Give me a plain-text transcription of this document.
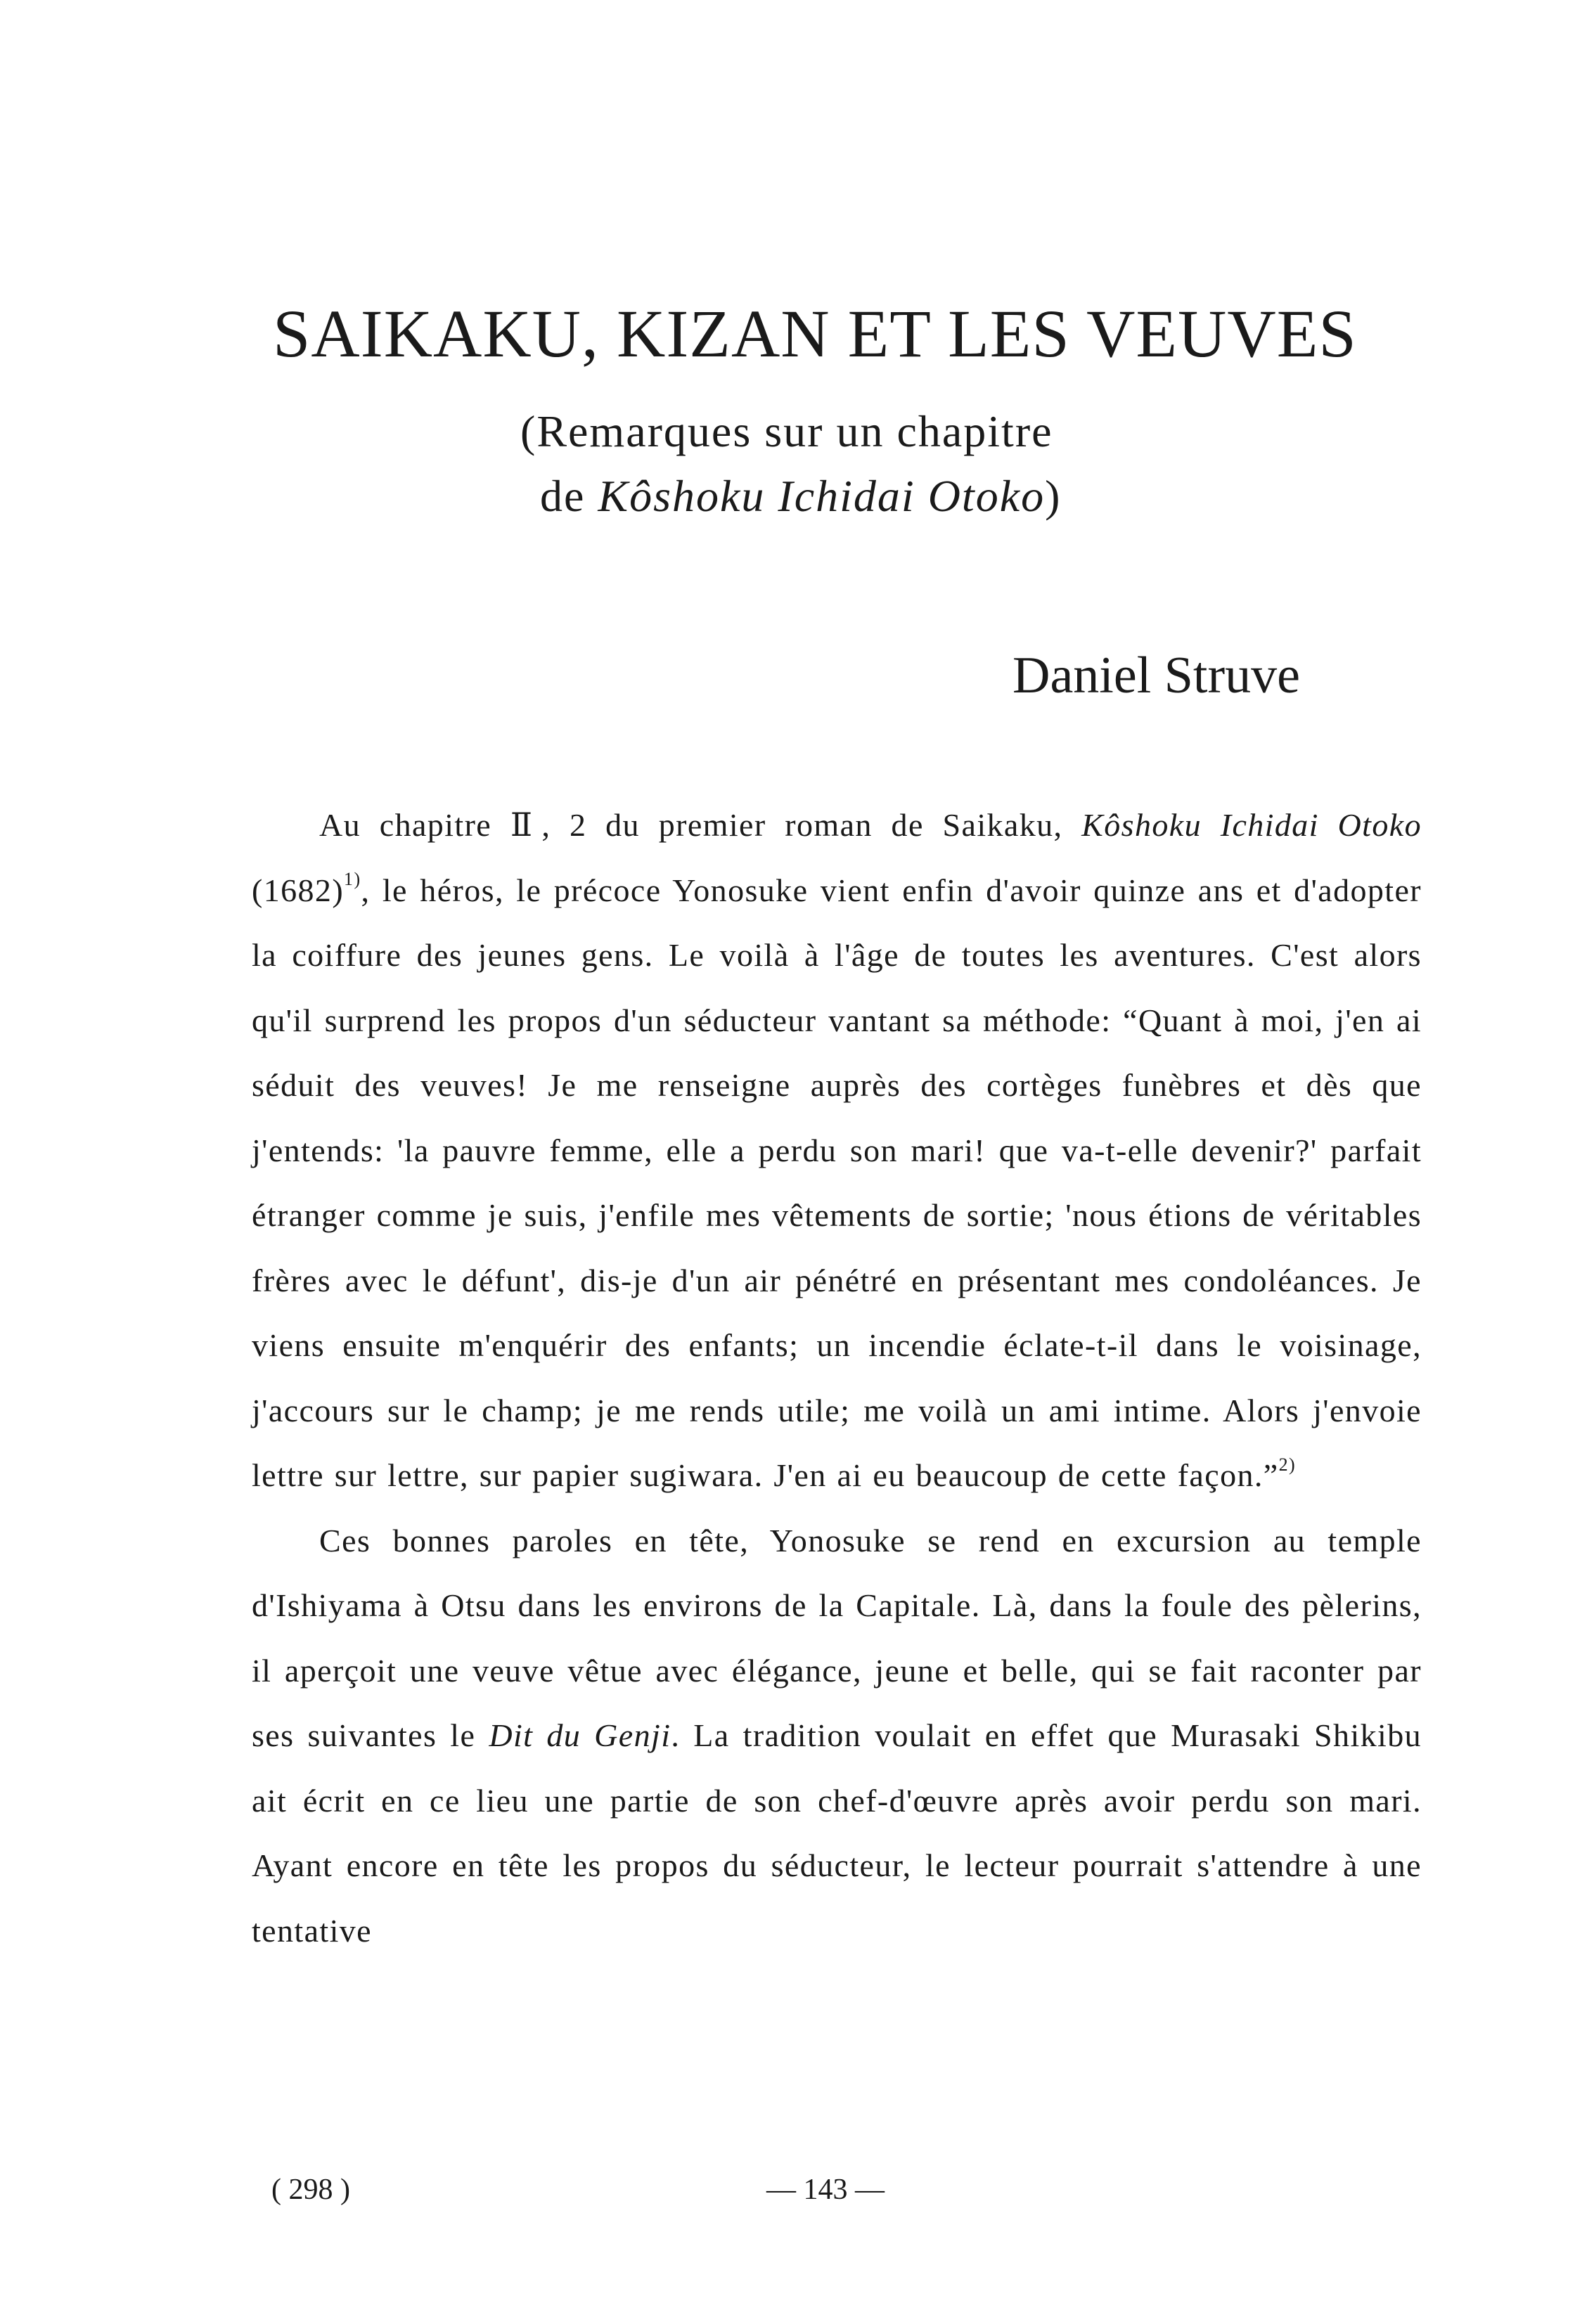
SAIKAKU, KIZAN ET LES VEUVES
(Remarques sur un chapitre
de Kôshoku Ichidai Otoko)
Daniel Struve

Au chapitre Ⅱ, 2 du premier roman de Saikaku, Kôshoku Ichidai Otoko $(1682)^{1)}$, le héros, le précoce Yonosuke vient enfin d'avoir quinze ans et d'adopter la coiffure des jeunes gens. Le voilà à l'âge de toutes les aventures. C'est alors qu'il surprend les propos d'un séducteur vantant sa méthode: “Quant à moi, j'en ai séduit des veuves! Je me renseigne auprès des cortèges funèbres et dès que j'entends: 'la pauvre femme, elle a perdu son mari! que va-t-elle devenir?' parfait étranger comme je suis, j'enfile mes vêtements de sortie; 'nous étions de véritables frères avec le défunt', dis-je d'un air pénétré en présentant mes condoléances. Je viens ensuite m'enquérir des enfants; un incendie éclate-t-il dans le voisinage, j'accours sur le champ; je me rends utile; me voilà un ami intime. Alors j'envoie lettre sur lettre, sur papier sugiwara. J'en ai eu beaucoup de cette façon.”$^{2)}$

Ces bonnes paroles en tête, Yonosuke se rend en excursion au temple d'Ishiyama à Otsu dans les environs de la Capitale. Là, dans la foule des pèlerins, il aperçoit une veuve vêtue avec élégance, jeune et belle, qui se fait raconter par ses suivantes le Dit du Genji. La tradition voulait en effet que Murasaki Shikibu ait écrit en ce lieu une partie de son chef-d'œuvre après avoir perdu son mari. Ayant encore en tête les propos du séducteur, le lecteur pourrait s'attendre à une tentative

( 298 )	— 143 —
